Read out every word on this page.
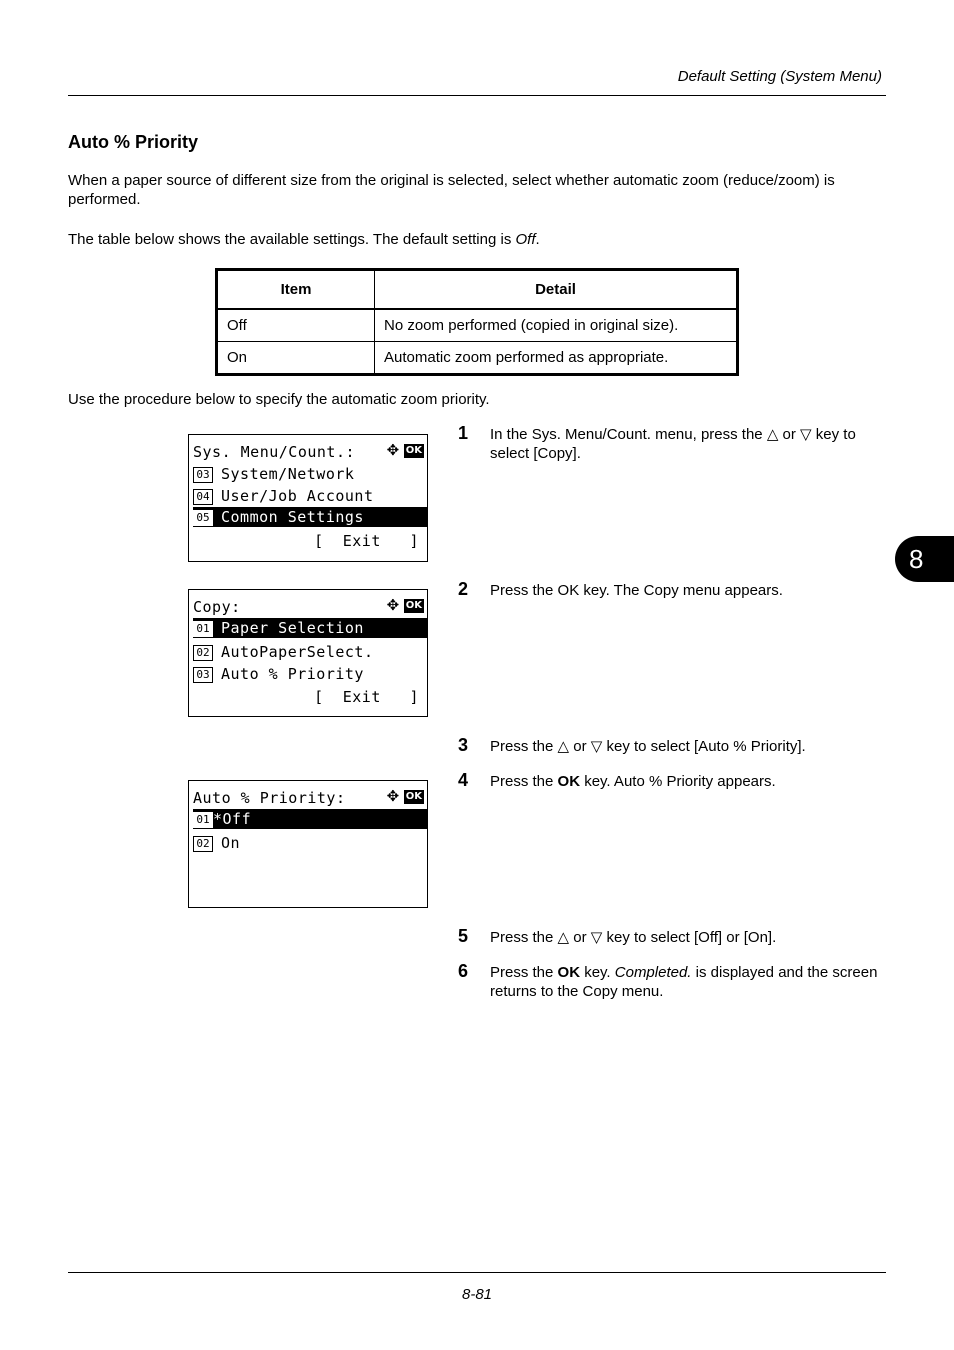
Default Setting (System Menu)
Auto % Priority
When a paper source of different size from the original is selected, select whether automatic zoom (reduce/zoom) is performed.
The table below shows the available settings. The default setting is Off.
Item	Detail
Off	No zoom performed (copied in original size).
On	Automatic zoom performed as appropriate.
Use the procedure below to specify the automatic zoom priority.
Sys. Menu/Count.:	✥ OK
03 System/Network
04 User/Job Account
05 Common Settings
[  Exit   ]
Copy:	✥ OK
01 Paper Selection
02 AutoPaperSelect.
03 Auto % Priority
[  Exit   ]
Auto % Priority:	✥ OK
01 *Off
02 On
1 In the Sys. Menu/Count. menu, press the △ or ▽ key to select [Copy].
2 Press the OK key. The Copy menu appears.
3 Press the △ or ▽ key to select [Auto % Priority].
4 Press the OK key. Auto % Priority appears.
5 Press the △ or ▽ key to select [Off] or [On].
6 Press the OK key. Completed. is displayed and the screen returns to the Copy menu.
8
8-81
